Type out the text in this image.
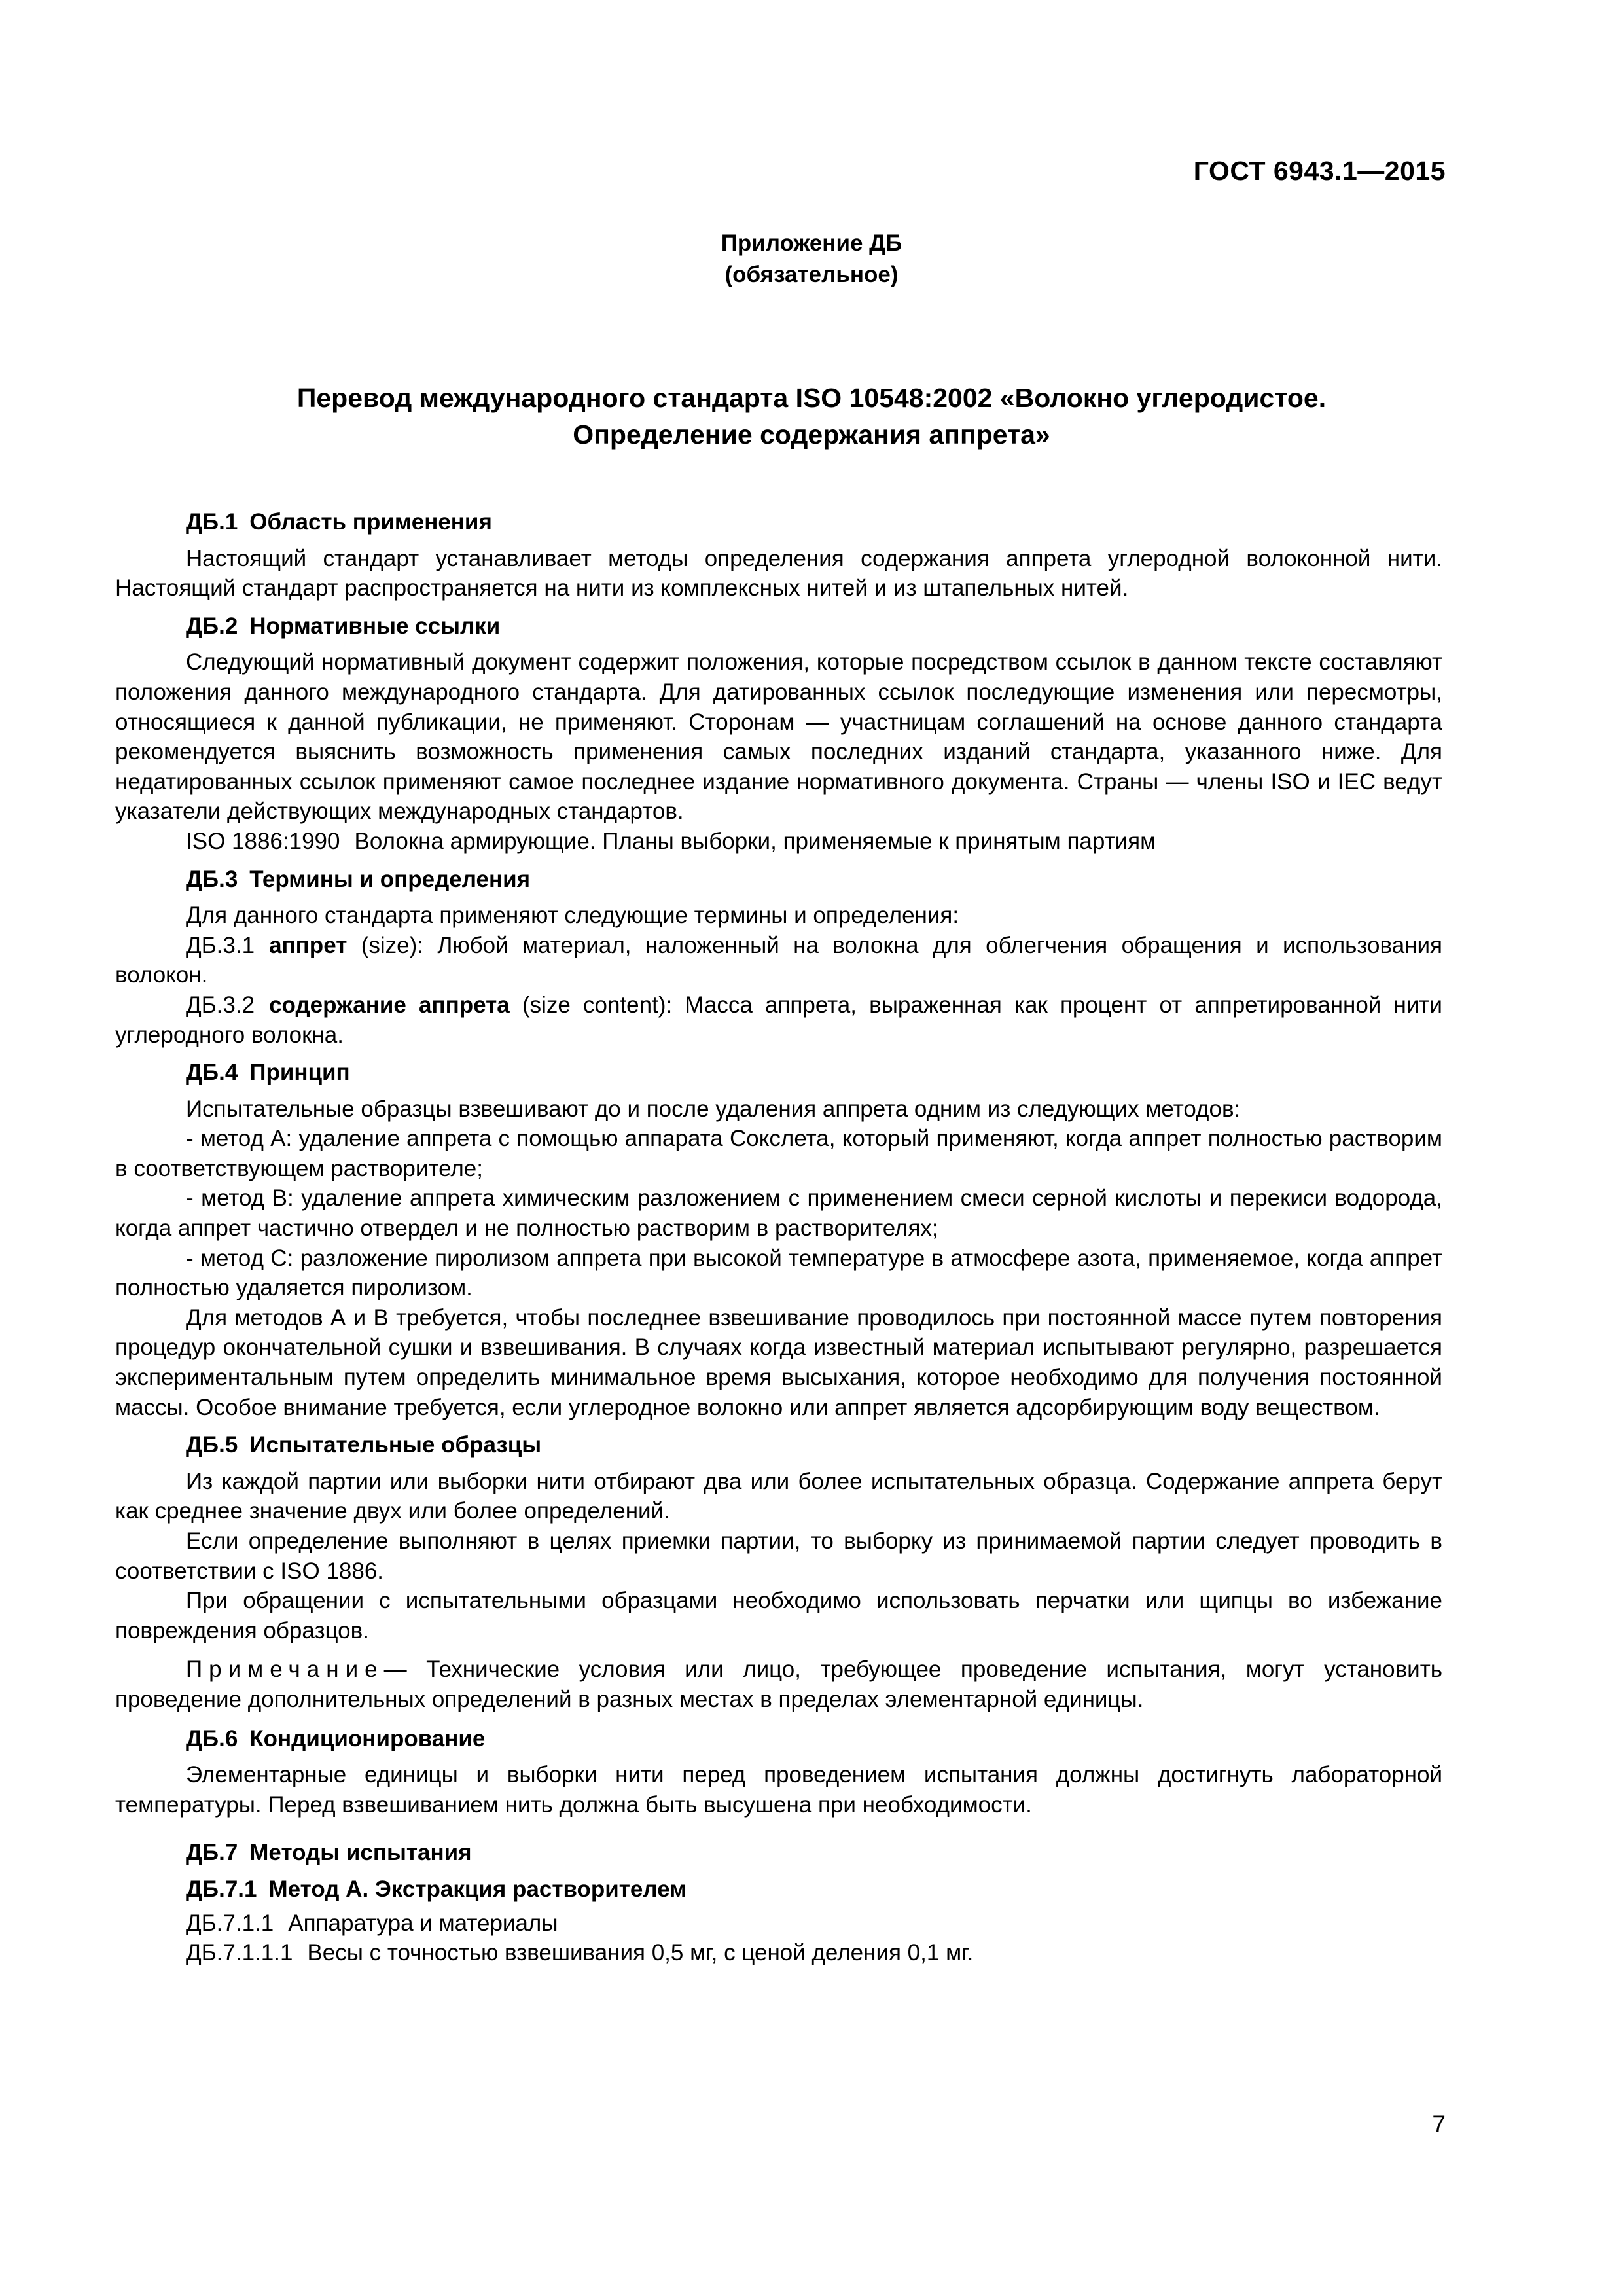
ГОСТ 6943.1—2015
Приложение ДБ
(обязательное)
Перевод международного стандарта ISO 10548:2002 «Волокно углеродистое.
Определение содержания аппрета»
ДБ.1 Область применения

Настоящий стандарт устанавливает методы определения содержания аппрета углеродной волоконной нити. Настоящий стандарт распространяется на нити из комплексных нитей и из штапельных нитей.

ДБ.2 Нормативные ссылки

Следующий нормативный документ содержит положения, которые посредством ссылок в данном тексте составляют положения данного международного стандарта. Для датированных ссылок последующие изменения или пересмотры, относящиеся к данной публикации, не применяют. Сторонам — участницам соглашений на основе данного стандарта рекомендуется выяснить возможность применения самых последних изданий стандарта, указанного ниже. Для недатированных ссылок применяют самое последнее издание нормативного документа. Страны — члены ISO и IEC ведут указатели действующих международных стандартов.

ISO 1886:1990 Волокна армирующие. Планы выборки, применяемые к принятым партиям

ДБ.3 Термины и определения

Для данного стандарта применяют следующие термины и определения:

ДБ.3.1 аппрет (size): Любой материал, наложенный на волокна для облегчения обращения и использования волокон.

ДБ.3.2 содержание аппрета (size content): Масса аппрета, выраженная как процент от аппретированной нити углеродного волокна.

ДБ.4 Принцип

Испытательные образцы взвешивают до и после удаления аппрета одним из следующих методов:

- метод А: удаление аппрета с помощью аппарата Сокслета, который применяют, когда аппрет полностью растворим в соответствующем растворителе;

- метод В: удаление аппрета химическим разложением с применением смеси серной кислоты и перекиси водорода, когда аппрет частично отвердел и не полностью растворим в растворителях;

- метод С: разложение пиролизом аппрета при высокой температуре в атмосфере азота, применяемое, когда аппрет полностью удаляется пиролизом.

Для методов А и В требуется, чтобы последнее взвешивание проводилось при постоянной массе путем повторения процедур окончательной сушки и взвешивания. В случаях когда известный материал испытывают регулярно, разрешается экспериментальным путем определить минимальное время высыхания, которое необходимо для получения постоянной массы. Особое внимание требуется, если углеродное волокно или аппрет является адсорбирующим воду веществом.

ДБ.5 Испытательные образцы

Из каждой партии или выборки нити отбирают два или более испытательных образца. Содержание аппрета берут как среднее значение двух или более определений.

Если определение выполняют в целях приемки партии, то выборку из принимаемой партии следует проводить в соответствии с ISO 1886.

При обращении с испытательными образцами необходимо использовать перчатки или щипцы во избежание повреждения образцов.

Примечание— Технические условия или лицо, требующее проведение испытания, могут установить проведение дополнительных определений в разных местах в пределах элементарной единицы.

ДБ.6 Кондиционирование

Элементарные единицы и выборки нити перед проведением испытания должны достигнуть лабораторной температуры. Перед взвешиванием нить должна быть высушена при необходимости.

ДБ.7 Методы испытания
ДБ.7.1 Метод А. Экстракция растворителем

ДБ.7.1.1 Аппаратура и материалы

ДБ.7.1.1.1 Весы с точностью взвешивания 0,5 мг, с ценой деления 0,1 мг.

7
